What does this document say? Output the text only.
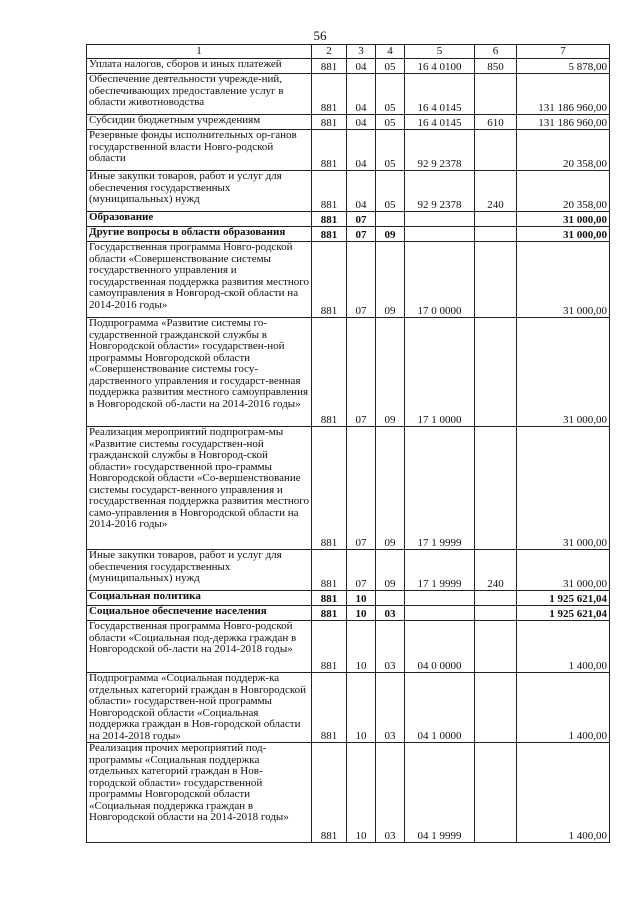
56
1	2	3	4	5	6	7
Уплата налогов, сборов и иных платежей	881	04	05	16 4 0100	850	5 878,00
Обеспечение деятельности учрежде-ний, обеспечивающих предоставление услуг в области животноводства	881	04	05	16 4 0145		131 186 960,00
Субсидии бюджетным учреждениям	881	04	05	16 4 0145	610	131 186 960,00
Резервные фонды исполнительных ор-ганов государственной власти Новго-родской области	881	04	05	92 9 2378		20 358,00
Иные закупки товаров, работ и услуг для обеспечения государственных (муниципальных) нужд	881	04	05	92 9 2378	240	20 358,00
Образование	881	07				31 000,00
Другие вопросы в области образования	881	07	09			31 000,00
Государственная программа Новго-родской области «Совершенствование системы государственного управления и государственная поддержка развития местного самоуправления в Новгород-ской области на 2014-2016 годы»	881	07	09	17 0 0000		31 000,00
Подпрограмма «Развитие системы го-сударственной гражданской службы в Новгородской области» государствен-ной программы Новгородской области «Совершенствование системы госу-дарственного управления и государст-венная поддержка развития местного самоуправления в Новгородской об-ласти на 2014-2016 годы»	881	07	09	17 1 0000		31 000,00
Реализация мероприятий подпрограм-мы «Развитие системы государствен-ной гражданской службы в Новгород-ской области» государственной про-граммы Новгородской области «Со-вершенствование системы государст-венного управления и государственная поддержка развития местного само-управления в Новгородской области на 2014-2016 годы»	881	07	09	17 1 9999		31 000,00
Иные закупки товаров, работ и услуг для обеспечения государственных (муниципальных) нужд	881	07	09	17 1 9999	240	31 000,00
Социальная политика	881	10				1 925 621,04
Социальное обеспечение населения	881	10	03			1 925 621,04
Государственная программа Новго-родской области «Социальная под-держка граждан в Новгородской об-ласти на 2014-2018 годы»	881	10	03	04 0 0000		1 400,00
Подпрограмма «Социальная поддерж-ка отдельных категорий граждан в Новгородской области» государствен-ной программы Новгородской области «Социальная поддержка граждан в Нов-городской области на 2014-2018 годы»	881	10	03	04 1 0000		1 400,00
Реализация прочих мероприятий под-программы «Социальная поддержка отдельных категорий граждан в Нов-городской области» государственной программы Новгородской области «Социальная поддержка граждан в Новгородской области на 2014-2018 годы»	881	10	03	04 1 9999		1 400,00
